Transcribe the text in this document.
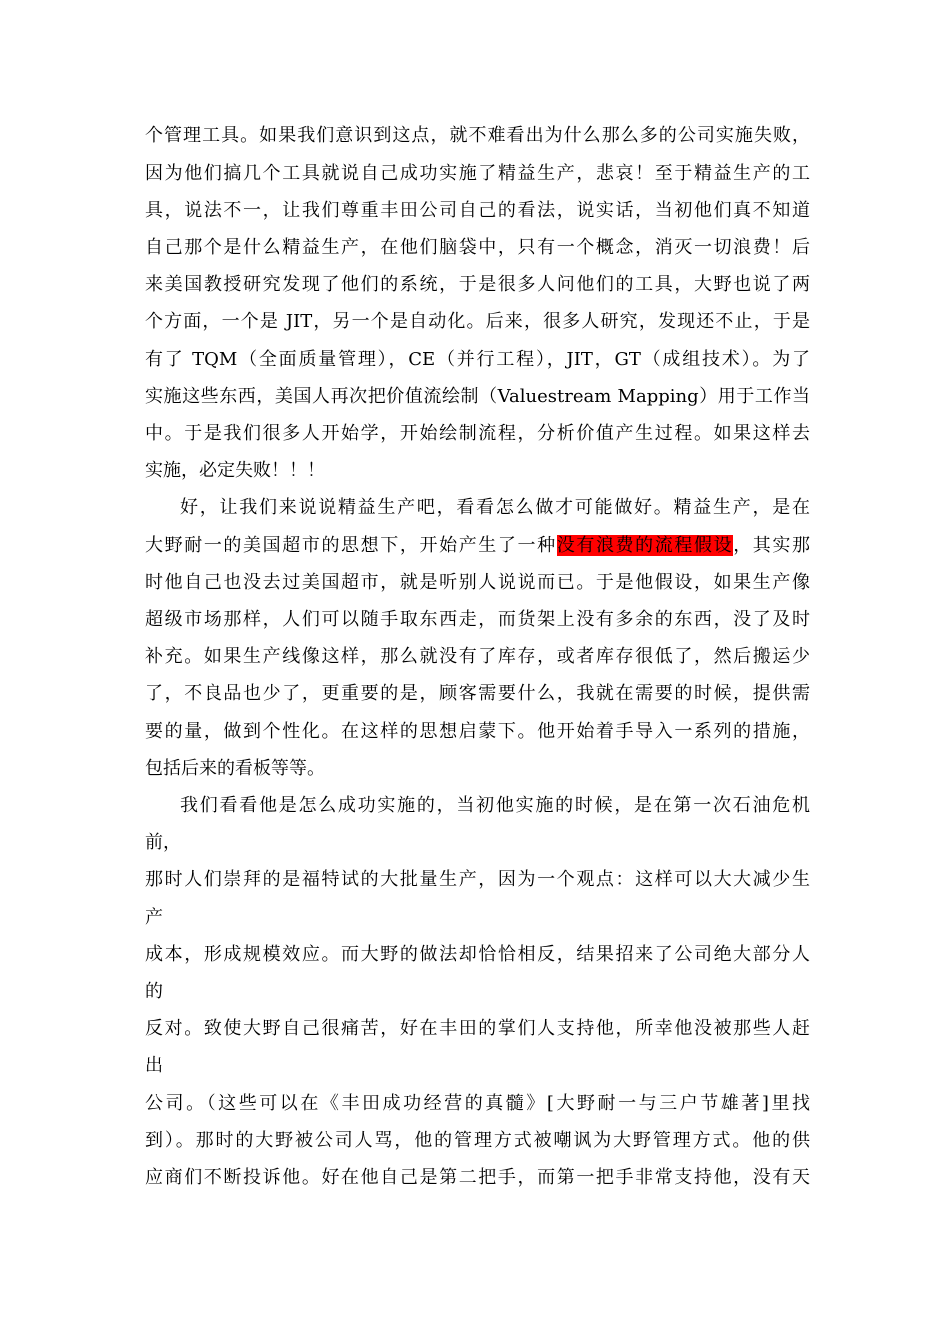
个管理工具。如果我们意识到这点，就不难看出为什么那么多的公司实施失败，
因为他们搞几个工具就说自己成功实施了精益生产，悲哀！至于精益生产的工
具，说法不一，让我们尊重丰田公司自己的看法，说实话，当初他们真不知道
自己那个是什么精益生产，在他们脑袋中，只有一个概念，消灭一切浪费！后
来美国教授研究发现了他们的系统，于是很多人问他们的工具，大野也说了两
个方面，一个是 JIT，另一个是自动化。后来，很多人研究，发现还不止，于是
有了 TQM（全面质量管理），CE（并行工程），JIT，GT（成组技术）。为了
实施这些东西，美国人再次把价值流绘制（Valuestream Mapping）用于工作当
中。于是我们很多人开始学，开始绘制流程，分析价值产生过程。如果这样去
实施，必定失败！！！
好，让我们来说说精益生产吧，看看怎么做才可能做好。精益生产，是在
大野耐一的美国超市的思想下，开始产生了一种没有浪费的流程假设，其实那
时他自己也没去过美国超市，就是听别人说说而已。于是他假设，如果生产像
超级市场那样，人们可以随手取东西走，而货架上没有多余的东西，没了及时
补充。如果生产线像这样，那么就没有了库存，或者库存很低了，然后搬运少
了，不良品也少了，更重要的是，顾客需要什么，我就在需要的时候，提供需
要的量，做到个性化。在这样的思想启蒙下。他开始着手导入一系列的措施，
包括后来的看板等等。
我们看看他是怎么成功实施的，当初他实施的时候，是在第一次石油危机
前，
那时人们崇拜的是福特试的大批量生产，因为一个观点：这样可以大大减少生
产
成本，形成规模效应。而大野的做法却恰恰相反，结果招来了公司绝大部分人
的
反对。致使大野自己很痛苦，好在丰田的掌们人支持他，所幸他没被那些人赶
出
公司。（这些可以在《丰田成功经营的真髓》[大野耐一与三户节雄著]里找
到）。那时的大野被公司人骂，他的管理方式被嘲讽为大野管理方式。他的供
应商们不断投诉他。好在他自己是第二把手，而第一把手非常支持他，没有天
